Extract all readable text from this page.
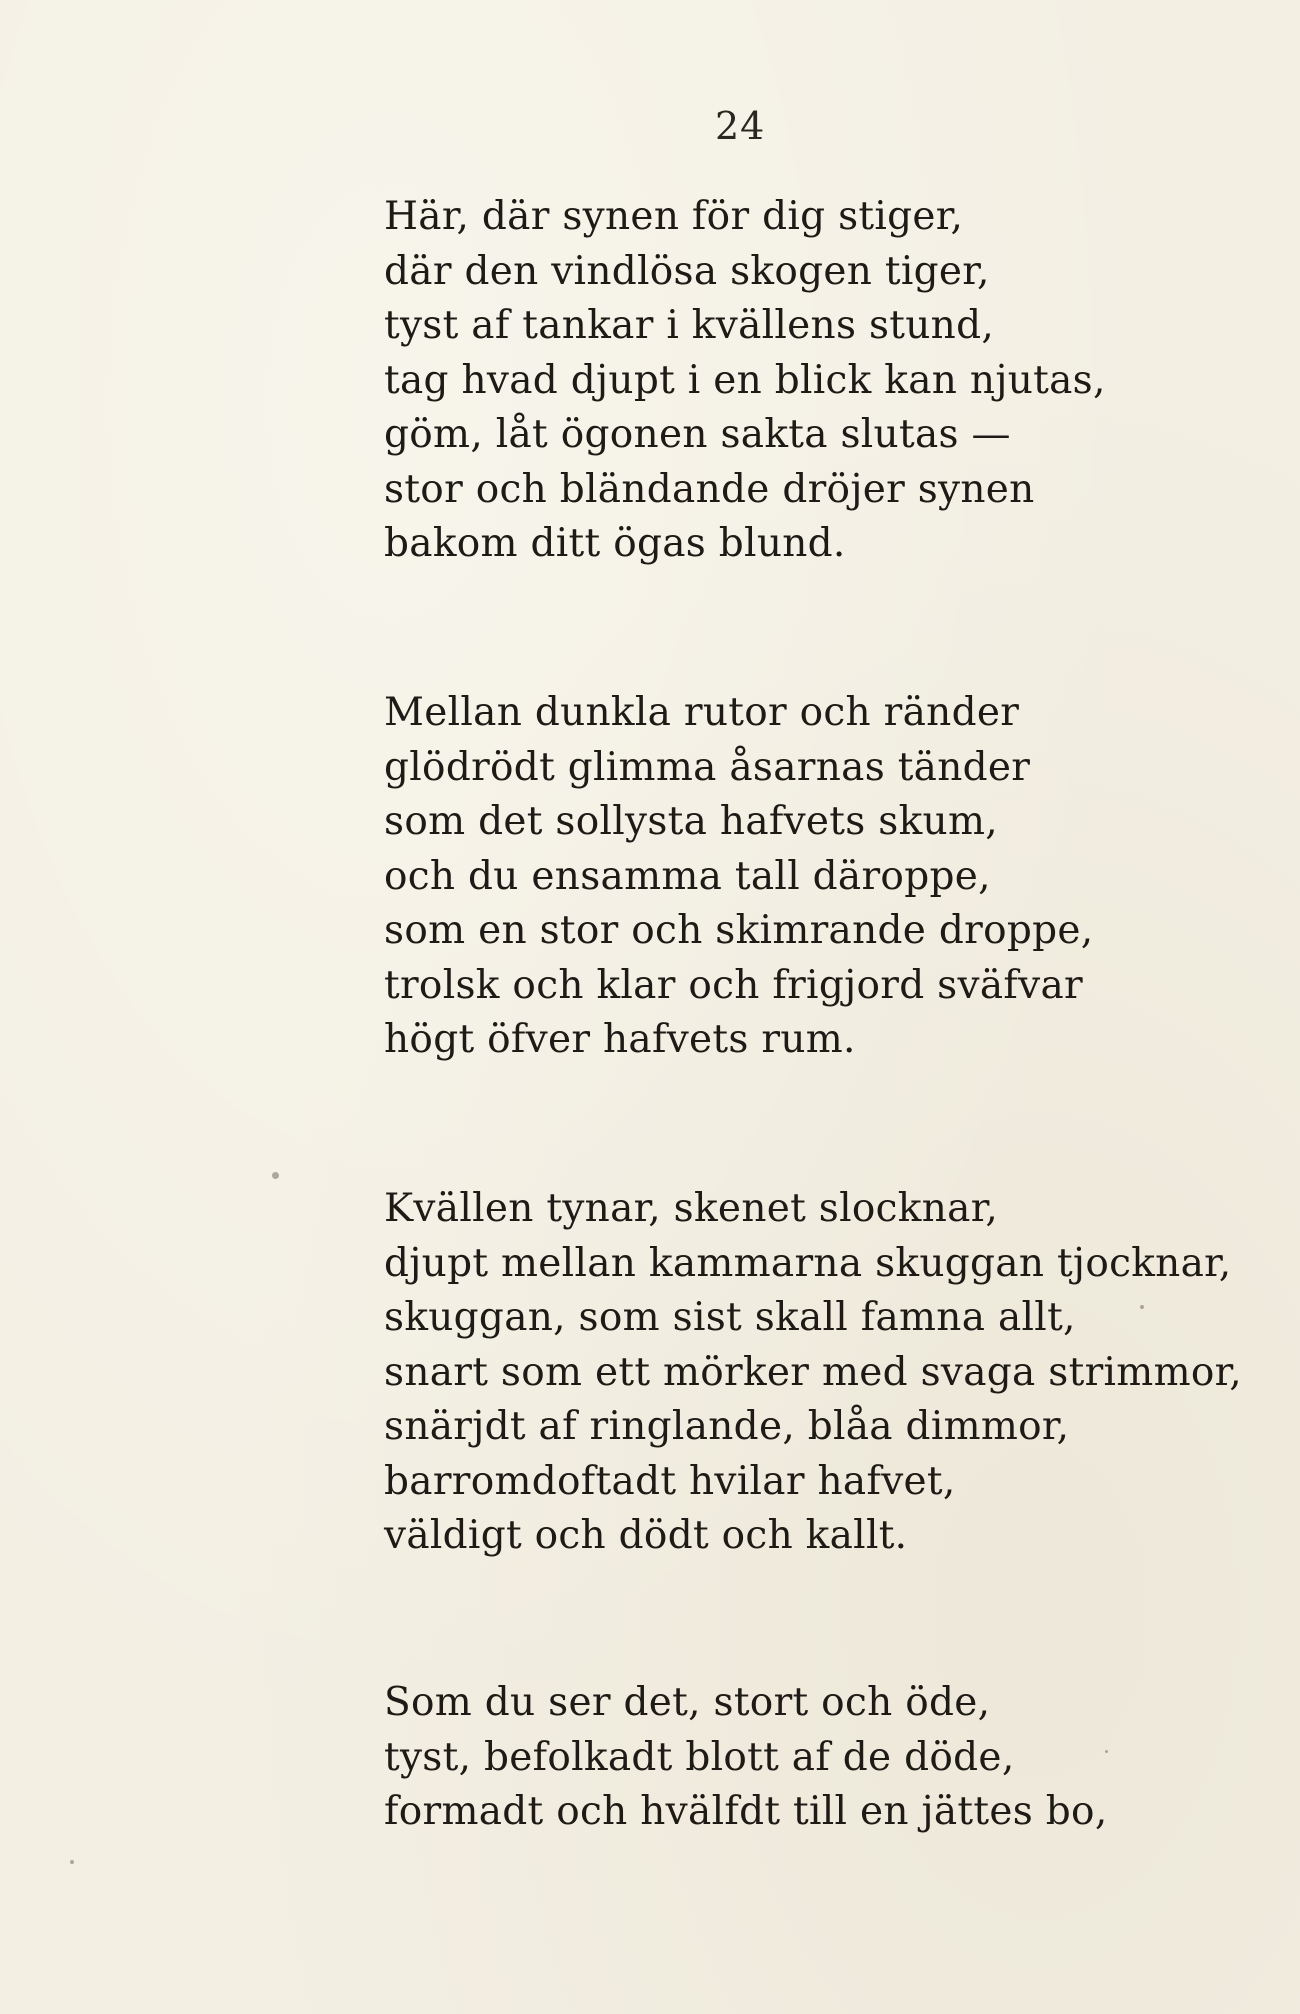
24
Här, där synen för dig stiger,
där den vindlösa skogen tiger,
tyst af tankar i kvällens stund,
tag hvad djupt i en blick kan njutas,
göm, låt ögonen sakta slutas —
stor och bländande dröjer synen
bakom ditt ögas blund.
Mellan dunkla rutor och ränder
glödrödt glimma åsarnas tänder
som det sollysta hafvets skum,
och du ensamma tall däroppe,
som en stor och skimrande droppe,
trolsk och klar och frigjord sväfvar
högt öfver hafvets rum.
Kvällen tynar, skenet slocknar,
djupt mellan kammarna skuggan tjocknar,
skuggan, som sist skall famna allt,
snart som ett mörker med svaga strimmor,
snärjdt af ringlande, blåa dimmor,
barromdoftadt hvilar hafvet,
väldigt och dödt och kallt.
Som du ser det, stort och öde,
tyst, befolkadt blott af de döde,
formadt och hvälfdt till en jättes bo,
